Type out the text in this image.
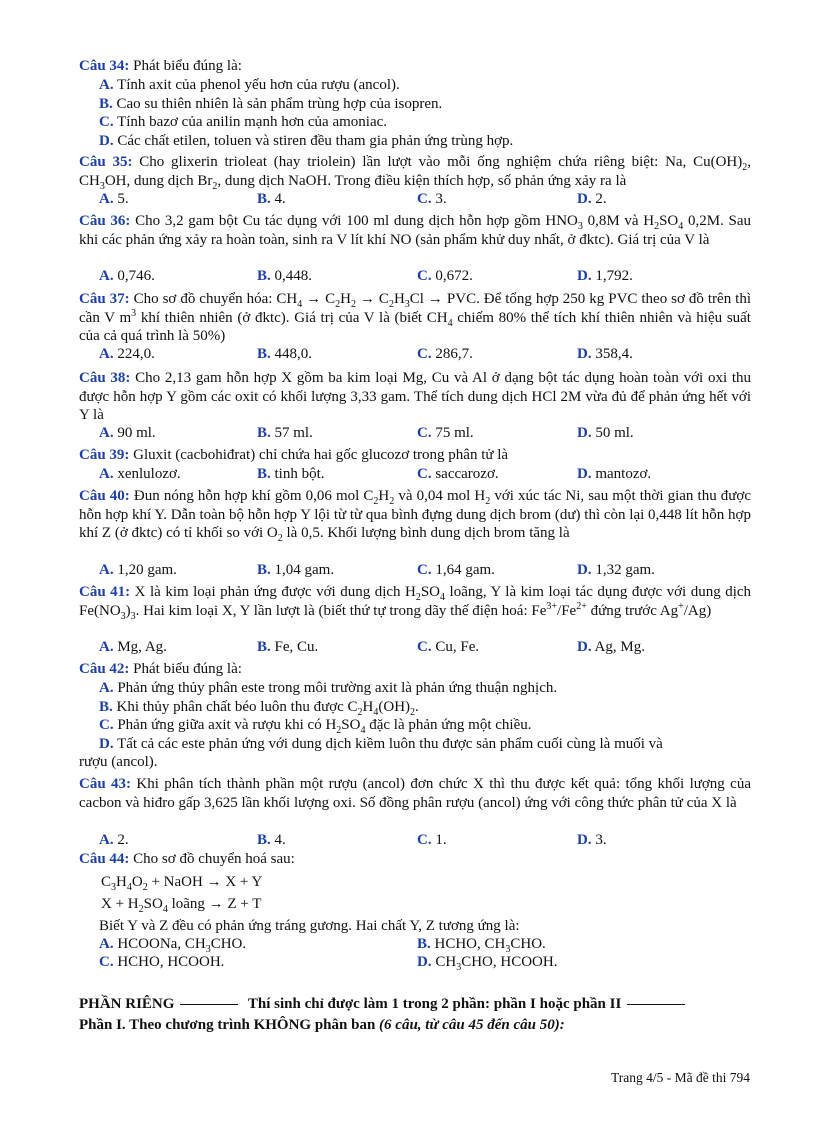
Câu 34: Phát biểu đúng là:
A. Tính axit của phenol yếu hơn của rượu (ancol).
B. Cao su thiên nhiên là sản phẩm trùng hợp của isopren.
C. Tính bazơ của anilin mạnh hơn của amoniac.
D. Các chất etilen, toluen và stiren đều tham gia phản ứng trùng hợp.
Câu 35: Cho glixerin trioleat (hay triolein) lần lượt vào mỗi ống nghiệm chứa riêng biệt: Na, $Cu(OH)_2$, $CH_3OH$, dung dịch $Br_2$, dung dịch NaOH. Trong điều kiện thích hợp, số phản ứng xảy ra là
A. 5.	B. 4.	C. 3.	D. 2.
Câu 36: Cho 3,2 gam bột Cu tác dụng với 100 ml dung dịch hỗn hợp gồm $HNO_3$ 0,8M và $H_2SO_4$ 0,2M. Sau khi các phản ứng xảy ra hoàn toàn, sinh ra V lít khí NO (sản phẩm khử duy nhất, ở đktc). Giá trị của V là
A. 0,746.	B. 0,448.	C. 0,672.	D. 1,792.
Câu 37: Cho sơ đồ chuyển hóa: $CH_4 \to C_2H_2 \to C_2H_3Cl$ → PVC. Để tổng hợp 250 kg PVC theo sơ đồ trên thì cần V $m^3$ khí thiên nhiên (ở đktc). Giá trị của V là (biết $CH_4$ chiếm 80% thể tích khí thiên nhiên và hiệu suất của cả quá trình là 50%)
A. 224,0.	B. 448,0.	C. 286,7.	D. 358,4.
Câu 38: Cho 2,13 gam hỗn hợp X gồm ba kim loại Mg, Cu và Al ở dạng bột tác dụng hoàn toàn với oxi thu được hỗn hợp Y gồm các oxit có khối lượng 3,33 gam. Thể tích dung dịch HCl 2M vừa đủ để phản ứng hết với Y là
A. 90 ml.	B. 57 ml.	C. 75 ml.	D. 50 ml.
Câu 39: Gluxit (cacbohiđrat) chỉ chứa hai gốc glucozơ trong phân tử là
A. xenlulozơ.	B. tinh bột.	C. saccarozơ.	D. mantozơ.
Câu 40: Đun nóng hỗn hợp khí gồm 0,06 mol $C_2H_2$ và 0,04 mol $H_2$ với xúc tác Ni, sau một thời gian thu được hỗn hợp khí Y. Dẫn toàn bộ hỗn hợp Y lội từ từ qua bình đựng dung dịch brom (dư) thì còn lại 0,448 lít hỗn hợp khí Z (ở đktc) có tỉ khối so với $O_2$ là 0,5. Khối lượng bình dung dịch brom tăng là
A. 1,20 gam.	B. 1,04 gam.	C. 1,64 gam.	D. 1,32 gam.
Câu 41: X là kim loại phản ứng được với dung dịch $H_2SO_4$ loãng, Y là kim loại tác dụng được với dung dịch $Fe(NO_3)_3$. Hai kim loại X, Y lần lượt là (biết thứ tự trong dãy thế điện hoá: $Fe^{3+}/Fe^{2+}$ đứng trước Ag+/Ag)
A. Mg, Ag.	B. Fe, Cu.	C. Cu, Fe.	D. Ag, Mg.
Câu 42: Phát biểu đúng là:
A. Phản ứng thủy phân este trong môi trường axit là phản ứng thuận nghịch.
B. Khi thủy phân chất béo luôn thu được $C_2H_4(OH)_2$.
C. Phản ứng giữa axit và rượu khi có $H_2SO_4$ đặc là phản ứng một chiều.
D. Tất cả các este phản ứng với dung dịch kiềm luôn thu được sản phẩm cuối cùng là muối và
rượu (ancol).
Câu 43: Khi phân tích thành phần một rượu (ancol) đơn chức X thì thu được kết quả: tổng khối lượng của cacbon và hiđro gấp 3,625 lần khối lượng oxi. Số đồng phân rượu (ancol) ứng với công thức phân tử của X là
A. 2.	B. 4.	C. 1.	D. 3.
Câu 44: Cho sơ đồ chuyển hoá sau:
$C_3H_4O_2$ + NaOH → X + Y
$X + H_2SO_4$ loãng → Z + T
Biết Y và Z đều có phản ứng tráng gương. Hai chất Y, Z tương ứng là:
A. HCOONa, $CH_3CHO$.	B. HCHO, $CH_3CHO$.
C. HCHO, HCOOH.	D. $CH_3CHO$, HCOOH.
PHẦN RIÊNG	Thí sinh chỉ được làm 1 trong 2 phần: phần I hoặc phần II
Phần I. Theo chương trình KHÔNG phân ban (6 câu, từ câu 45 đến câu 50):
Trang 4/5 - Mã đề thi 794
